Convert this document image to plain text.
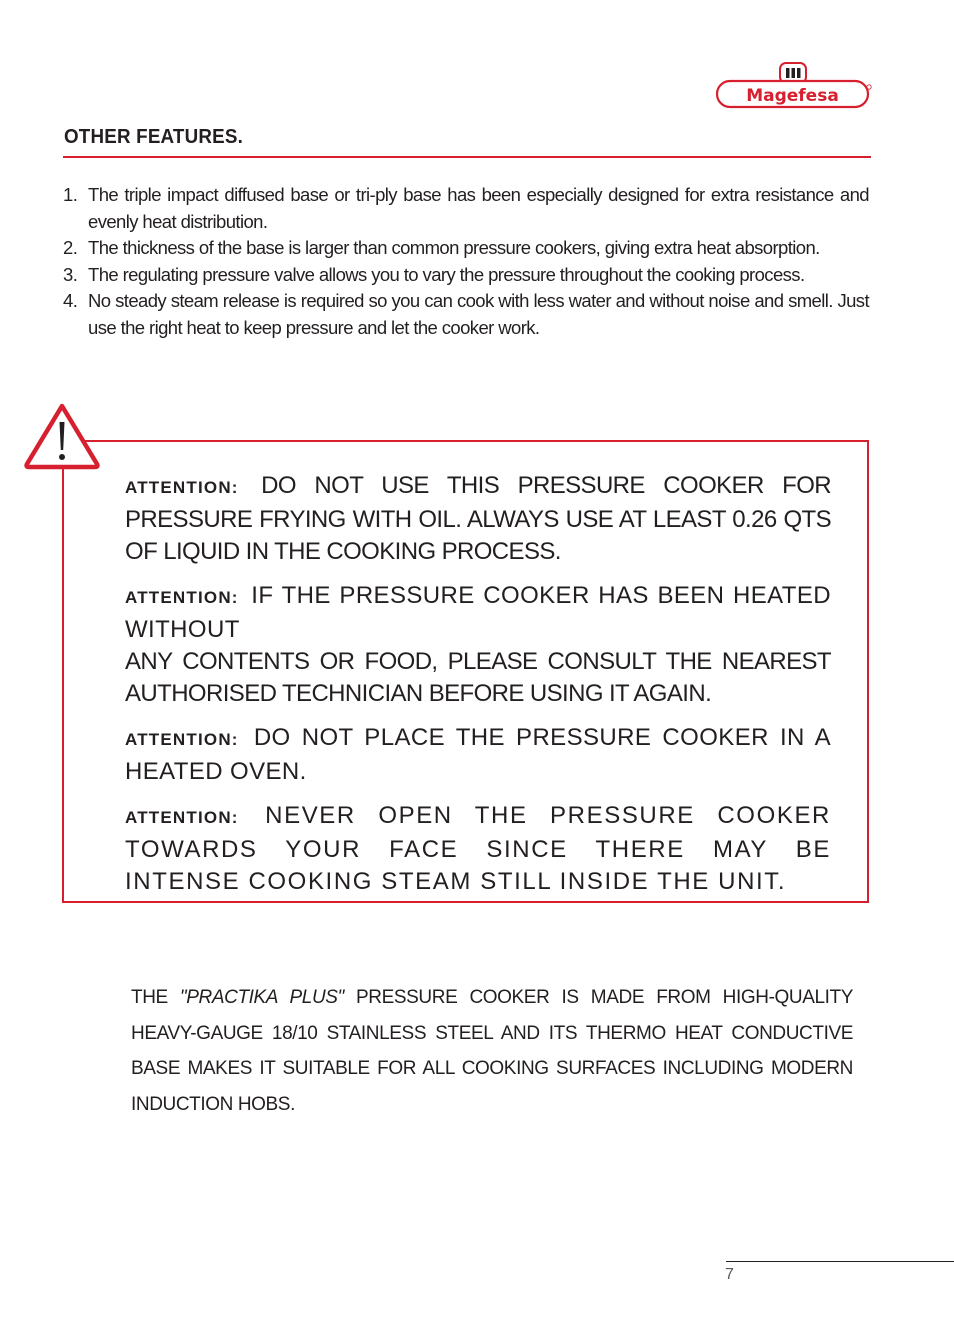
Magefesa
OTHER FEATURES.
1. The triple impact diffused base or tri-ply base has been especially designed for extra resistance and evenly heat distribution.
2. The thickness of the base is larger than common pressure cookers, giving extra heat absorption.
3. The regulating pressure valve allows you to vary the pressure throughout the cooking process.
4. No steady steam release is required so you can cook with less water and without noise and smell. Just use the right heat to keep pressure and let the cooker work.
ATTENTION: DO NOT USE THIS PRESSURE COOKER FOR PRESSURE FRYING WITH OIL. ALWAYS USE AT LEAST 0.26 QTS OF LIQUID IN THE COOKING PROCESS.
ATTENTION: IF THE PRESSURE COOKER HAS BEEN HEATED WITHOUT
ANY CONTENTS OR FOOD, PLEASE CONSULT THE NEAREST AUTHORISED TECHNICIAN BEFORE USING IT AGAIN.
ATTENTION: DO NOT PLACE THE PRESSURE COOKER IN A HEATED OVEN.
ATTENTION: NEVER OPEN THE PRESSURE COOKER TOWARDS YOUR FACE SINCE THERE MAY BE INTENSE COOKING STEAM STILL INSIDE THE UNIT.

THE "PRACTIKA PLUS" PRESSURE COOKER IS MADE FROM HIGH-QUALITY HEAVY-GAUGE 18/10 STAINLESS STEEL AND ITS THERMO HEAT CONDUCTIVE BASE MAKES IT SUITABLE FOR ALL COOKING SURFACES INCLUDING MODERN INDUCTION HOBS.

7
